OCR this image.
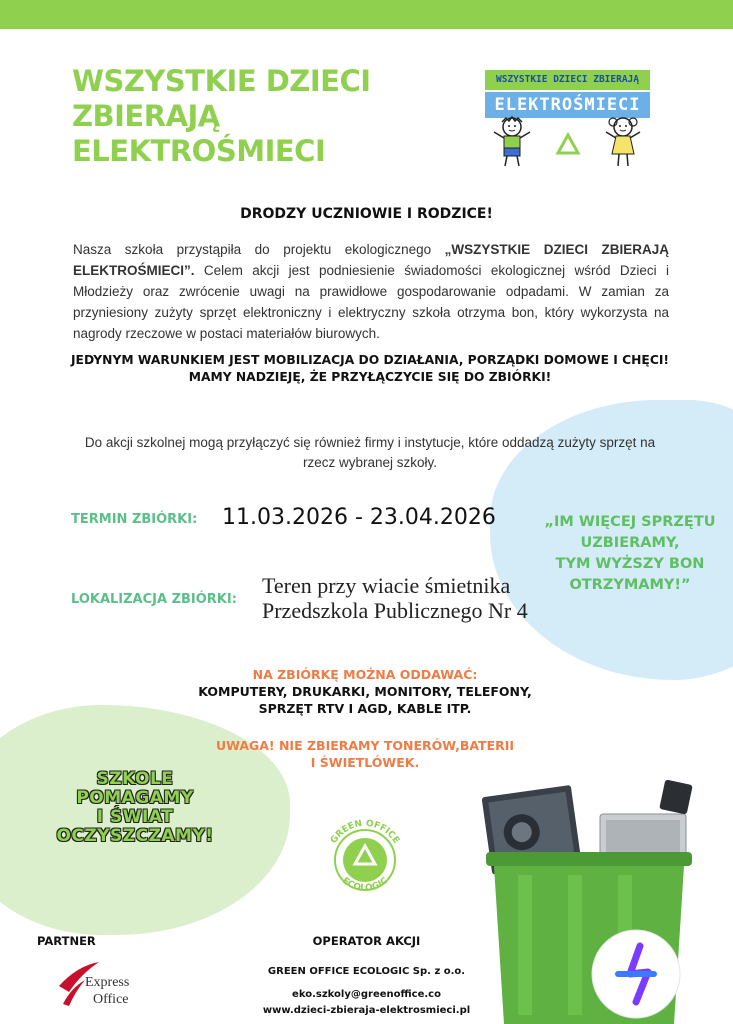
WSZYSTKIE DZIECI
ZBIERAJĄ
ELEKTROŚMIECI
WSZYSTKIE DZIECI ZBIERAJĄ
ELEKTROŚMIECI
DRODZY UCZNIOWIE I RODZICE!
Nasza szkoła przystąpiła do projektu ekologicznego „WSZYSTKIE DZIECI ZBIERAJĄ ELEKTROŚMIECI”. Celem akcji jest podniesienie świadomości ekologicznej wśród Dzieci i Młodzieży oraz zwrócenie uwagi na prawidłowe gospodarowanie odpadami. W zamian za przyniesiony zużyty sprzęt elektroniczny i elektryczny szkoła otrzyma bon, który wykorzysta na nagrody rzeczowe w postaci materiałów biurowych.

JEDYNYM WARUNKIEM JEST MOBILIZACJA DO DZIAŁANIA, PORZĄDKI DOMOWE I CHĘCI!

MAMY NADZIEJĘ, ŻE PRZYŁĄCZYCIE SIĘ DO ZBIÓRKI!

Do akcji szkolnej mogą przyłączyć się również firmy i instytucje, które oddadzą zużyty sprzęt na rzecz wybranej szkoły.
TERMIN ZBIÓRKI: 11.03.2026 - 23.04.2026	„IM WIĘCEJ SPRZĘTU
UZBIERAMY,
TYM WYŻSZY BON
OTRZYMAMY!”
LOKALIZACJA ZBIÓRKI:
Teren przy wiacie śmietnika
Przedszkola Publicznego Nr 4

NA ZBIÓRKĘ MOŻNA ODDAWAĆ:

KOMPUTERY, DRUKARKI, MONITORY, TELEFONY,

SPRZĘT RTV I AGD, KABLE ITP.

UWAGA! NIE ZBIERAMY TONERÓW,BATERII
I ŚWIETLÓWEK.
SZKOLE
POMAGAMY
I ŚWIAT
OCZYSZCZAMY!	GREEN OFFICE
ECOLOGIC
PARTNER
Express
Office
OPERATOR AKCJI
GREEN OFFICE ECOLOGIC Sp. z o.o.
eko.szkoly@greenoffice.co
www.dzieci-zbieraja-elektrosmieci.pl
